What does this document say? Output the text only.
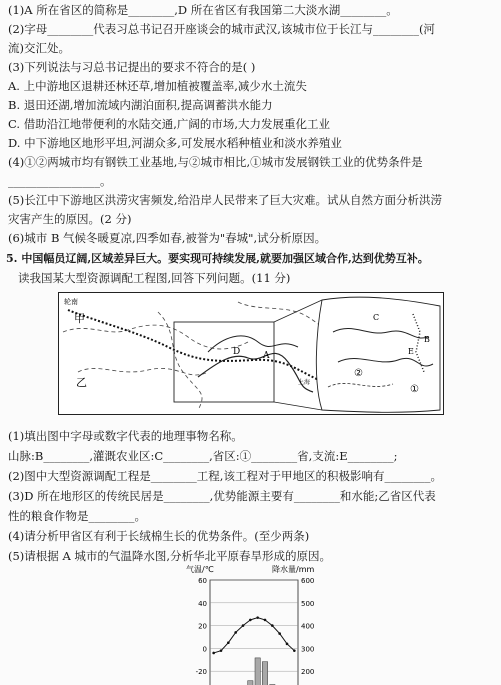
(1)A 所在省区的简称是________,D 所在省区有我国第二大淡水湖________。
(2)字母________代表习总书记召开座谈会的城市武汉,该城市位于长江与________(河
流)交汇处。
(3)下列说法与习总书记提出的要求不符合的是( )
A. 上中游地区退耕还林还草,增加植被覆盖率,减少水土流失
B. 退田还湖,增加流域内湖泊面积,提高调蓄洪水能力
C. 借助沿江地带便利的水陆交通,广阔的市场,大力发展重化工业
D. 中下游地区地形平坦,河湖众多,可发展水稻种植业和淡水养殖业
(4)①②两城市均有钢铁工业基地,与②城市相比,①城市发展钢铁工业的优势条件是
________________。
(5)长江中下游地区洪涝灾害频发,给沿岸人民带来了巨大灾难。试从自然方面分析洪涝
灾害产生的原因。(2 分)
(6)城市 B 气候冬暖夏凉,四季如春,被誉为"春城",试分析原因。
5. 中国幅员辽阔,区域差异巨大。要实现可持续发展,就要加强区域合作,达到优势互补。
读我国某大型资源调配工程图,回答下列问题。(11 分)
轮南
甲
乙
D	A
上海
C
B
E
②
①
(1)填出图中字母或数字代表的地理事物名称。
山脉:B________,灌溉农业区:C________,省区:①________省,支流:E________;
(2)图中大型资源调配工程是________工程,该工程对于甲地区的积极影响有________。
(3)D 所在地形区的传统民居是________,优势能源主要有________和水能;乙省区代表
性的粮食作物是________。
(4)请分析甲省区有利于长绒棉生长的优势条件。(至少两条)
(5)请根据 A 城市的气温降水图,分析华北平原春旱形成的原因。
气温/℃	降水量/mm
60	600
40	500
20	400
0	300
-20	200
